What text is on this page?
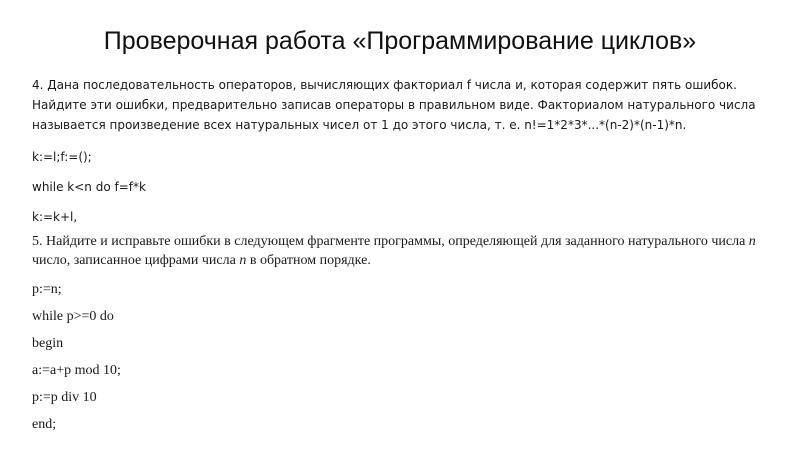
Проверочная работа «Программирование циклов»

4. Дана последовательность операторов, вычисляющих факториал f числа и, которая содержит пять ошибок. Найдите эти ошибки, предварительно записав операторы в правильном виде. Факториалом натурального числа называется произведение всех натуральных чисел от 1 до этого числа, т. е. n!=1*2*3*...*(n-2)*(n-1)*n.

k:=l;f:=();

while k<n do f=f*k

k:=k+l,

5. Найдите и исправьте ошибки в следующем фрагменте программы, определяющей для заданного натурального числа n число, записанное цифрами числа n в обратном порядке.

p:=n;

while p>=0 do

begin

a:=a+p mod 10;

p:=p div 10

end;
